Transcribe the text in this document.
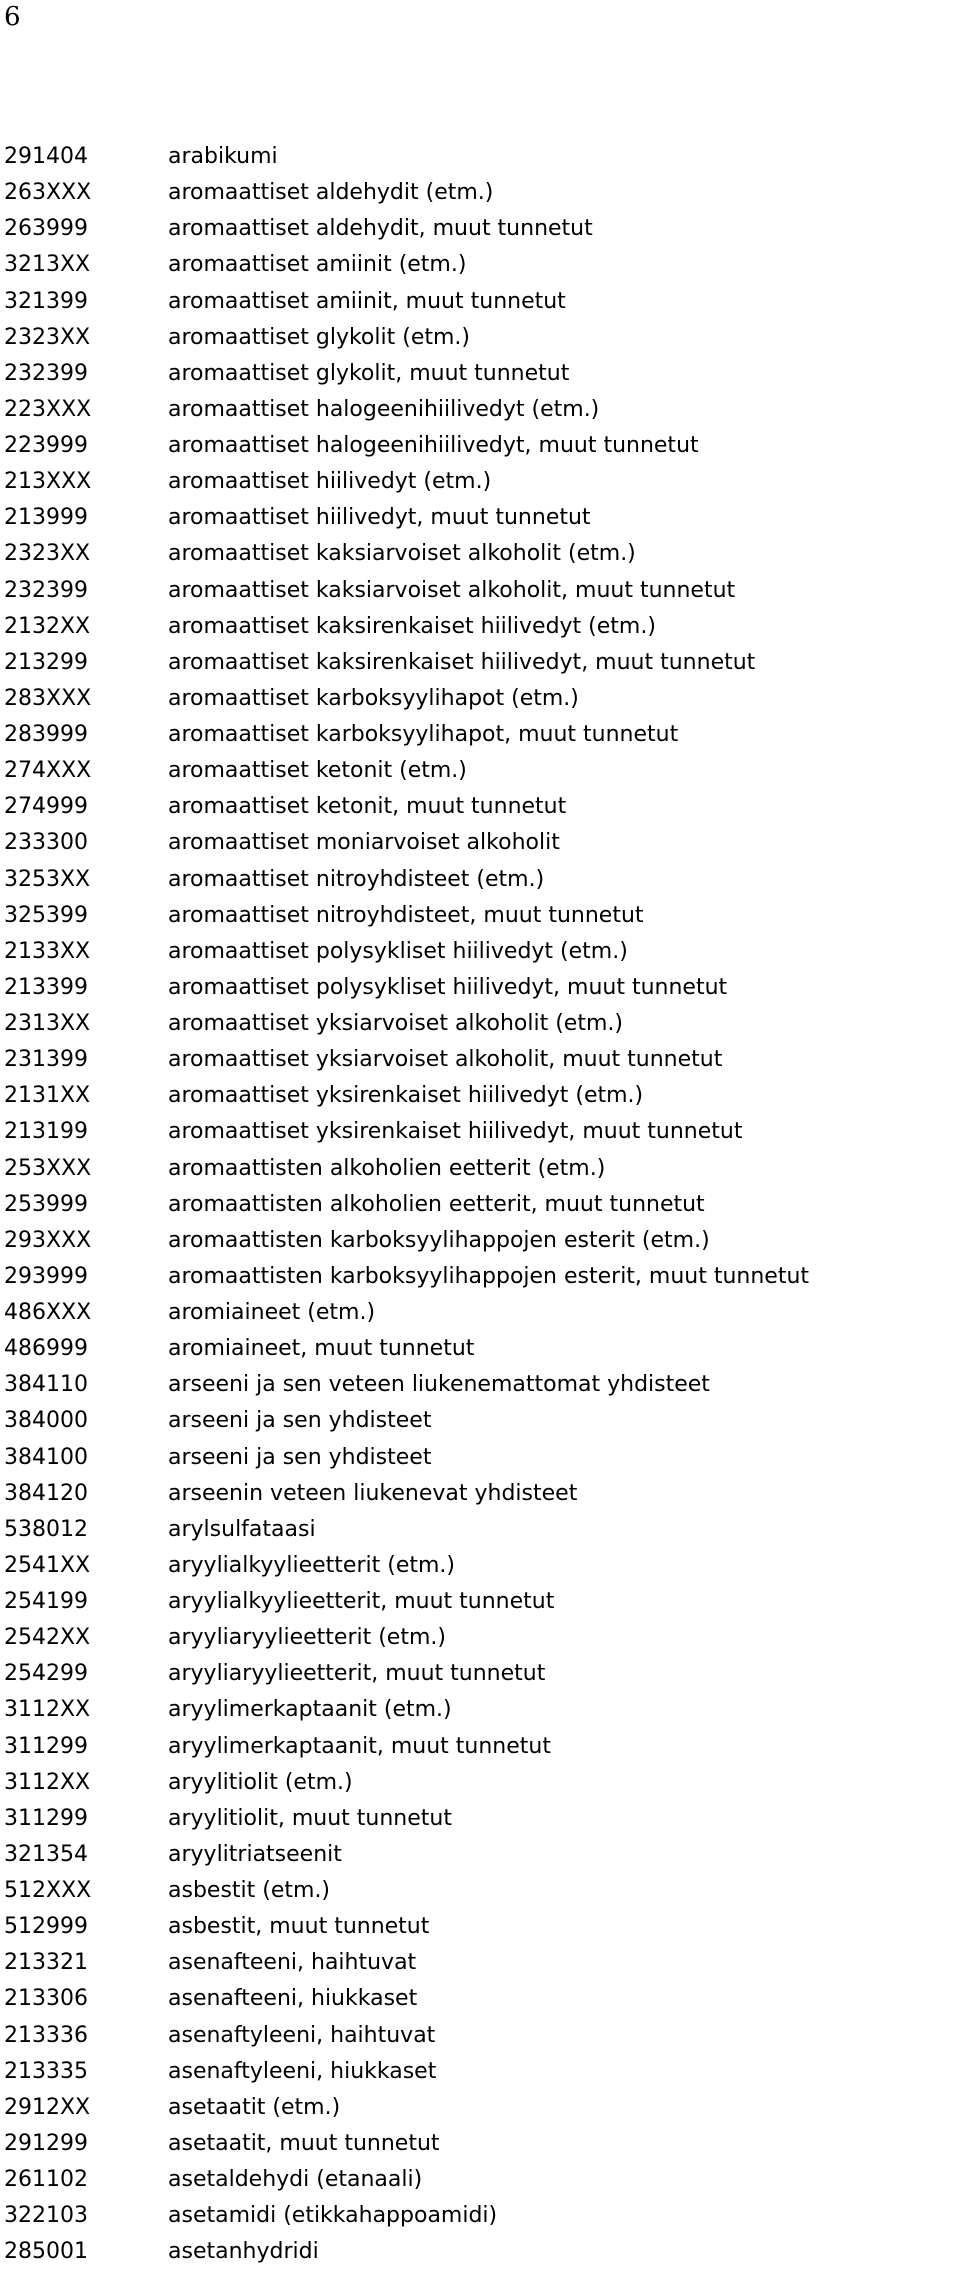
6
291404	arabikumi
263XXX	aromaattiset aldehydit (etm.)
263999	aromaattiset aldehydit, muut tunnetut
3213XX	aromaattiset amiinit (etm.)
321399	aromaattiset amiinit, muut tunnetut
2323XX	aromaattiset glykolit (etm.)
232399	aromaattiset glykolit, muut tunnetut
223XXX	aromaattiset halogeenihiilivedyt (etm.)
223999	aromaattiset halogeenihiilivedyt, muut tunnetut
213XXX	aromaattiset hiilivedyt (etm.)
213999	aromaattiset hiilivedyt, muut tunnetut
2323XX	aromaattiset kaksiarvoiset alkoholit (etm.)
232399	aromaattiset kaksiarvoiset alkoholit, muut tunnetut
2132XX	aromaattiset kaksirenkaiset hiilivedyt (etm.)
213299	aromaattiset kaksirenkaiset hiilivedyt, muut tunnetut
283XXX	aromaattiset karboksyylihapot (etm.)
283999	aromaattiset karboksyylihapot, muut tunnetut
274XXX	aromaattiset ketonit (etm.)
274999	aromaattiset ketonit, muut tunnetut
233300	aromaattiset moniarvoiset alkoholit
3253XX	aromaattiset nitroyhdisteet (etm.)
325399	aromaattiset nitroyhdisteet, muut tunnetut
2133XX	aromaattiset polysykliset hiilivedyt (etm.)
213399	aromaattiset polysykliset hiilivedyt, muut tunnetut
2313XX	aromaattiset yksiarvoiset alkoholit (etm.)
231399	aromaattiset yksiarvoiset alkoholit, muut tunnetut
2131XX	aromaattiset yksirenkaiset hiilivedyt (etm.)
213199	aromaattiset yksirenkaiset hiilivedyt, muut tunnetut
253XXX	aromaattisten alkoholien eetterit (etm.)
253999	aromaattisten alkoholien eetterit, muut tunnetut
293XXX	aromaattisten karboksyylihappojen esterit (etm.)
293999	aromaattisten karboksyylihappojen esterit, muut tunnetut
486XXX	aromiaineet (etm.)
486999	aromiaineet, muut tunnetut
384110	arseeni ja sen veteen liukenemattomat yhdisteet
384000	arseeni ja sen yhdisteet
384100	arseeni ja sen yhdisteet
384120	arseenin veteen liukenevat yhdisteet
538012	arylsulfataasi
2541XX	aryylialkyylieetterit (etm.)
254199	aryylialkyylieetterit, muut tunnetut
2542XX	aryyliaryylieetterit (etm.)
254299	aryyliaryylieetterit, muut tunnetut
3112XX	aryylimerkaptaanit (etm.)
311299	aryylimerkaptaanit, muut tunnetut
3112XX	aryylitiolit (etm.)
311299	aryylitiolit, muut tunnetut
321354	aryylitriatseenit
512XXX	asbestit (etm.)
512999	asbestit, muut tunnetut
213321	asenafteeni, haihtuvat
213306	asenafteeni, hiukkaset
213336	asenaftyleeni, haihtuvat
213335	asenaftyleeni, hiukkaset
2912XX	asetaatit (etm.)
291299	asetaatit, muut tunnetut
261102	asetaldehydi (etanaali)
322103	asetamidi (etikkahappoamidi)
285001	asetanhydridi
